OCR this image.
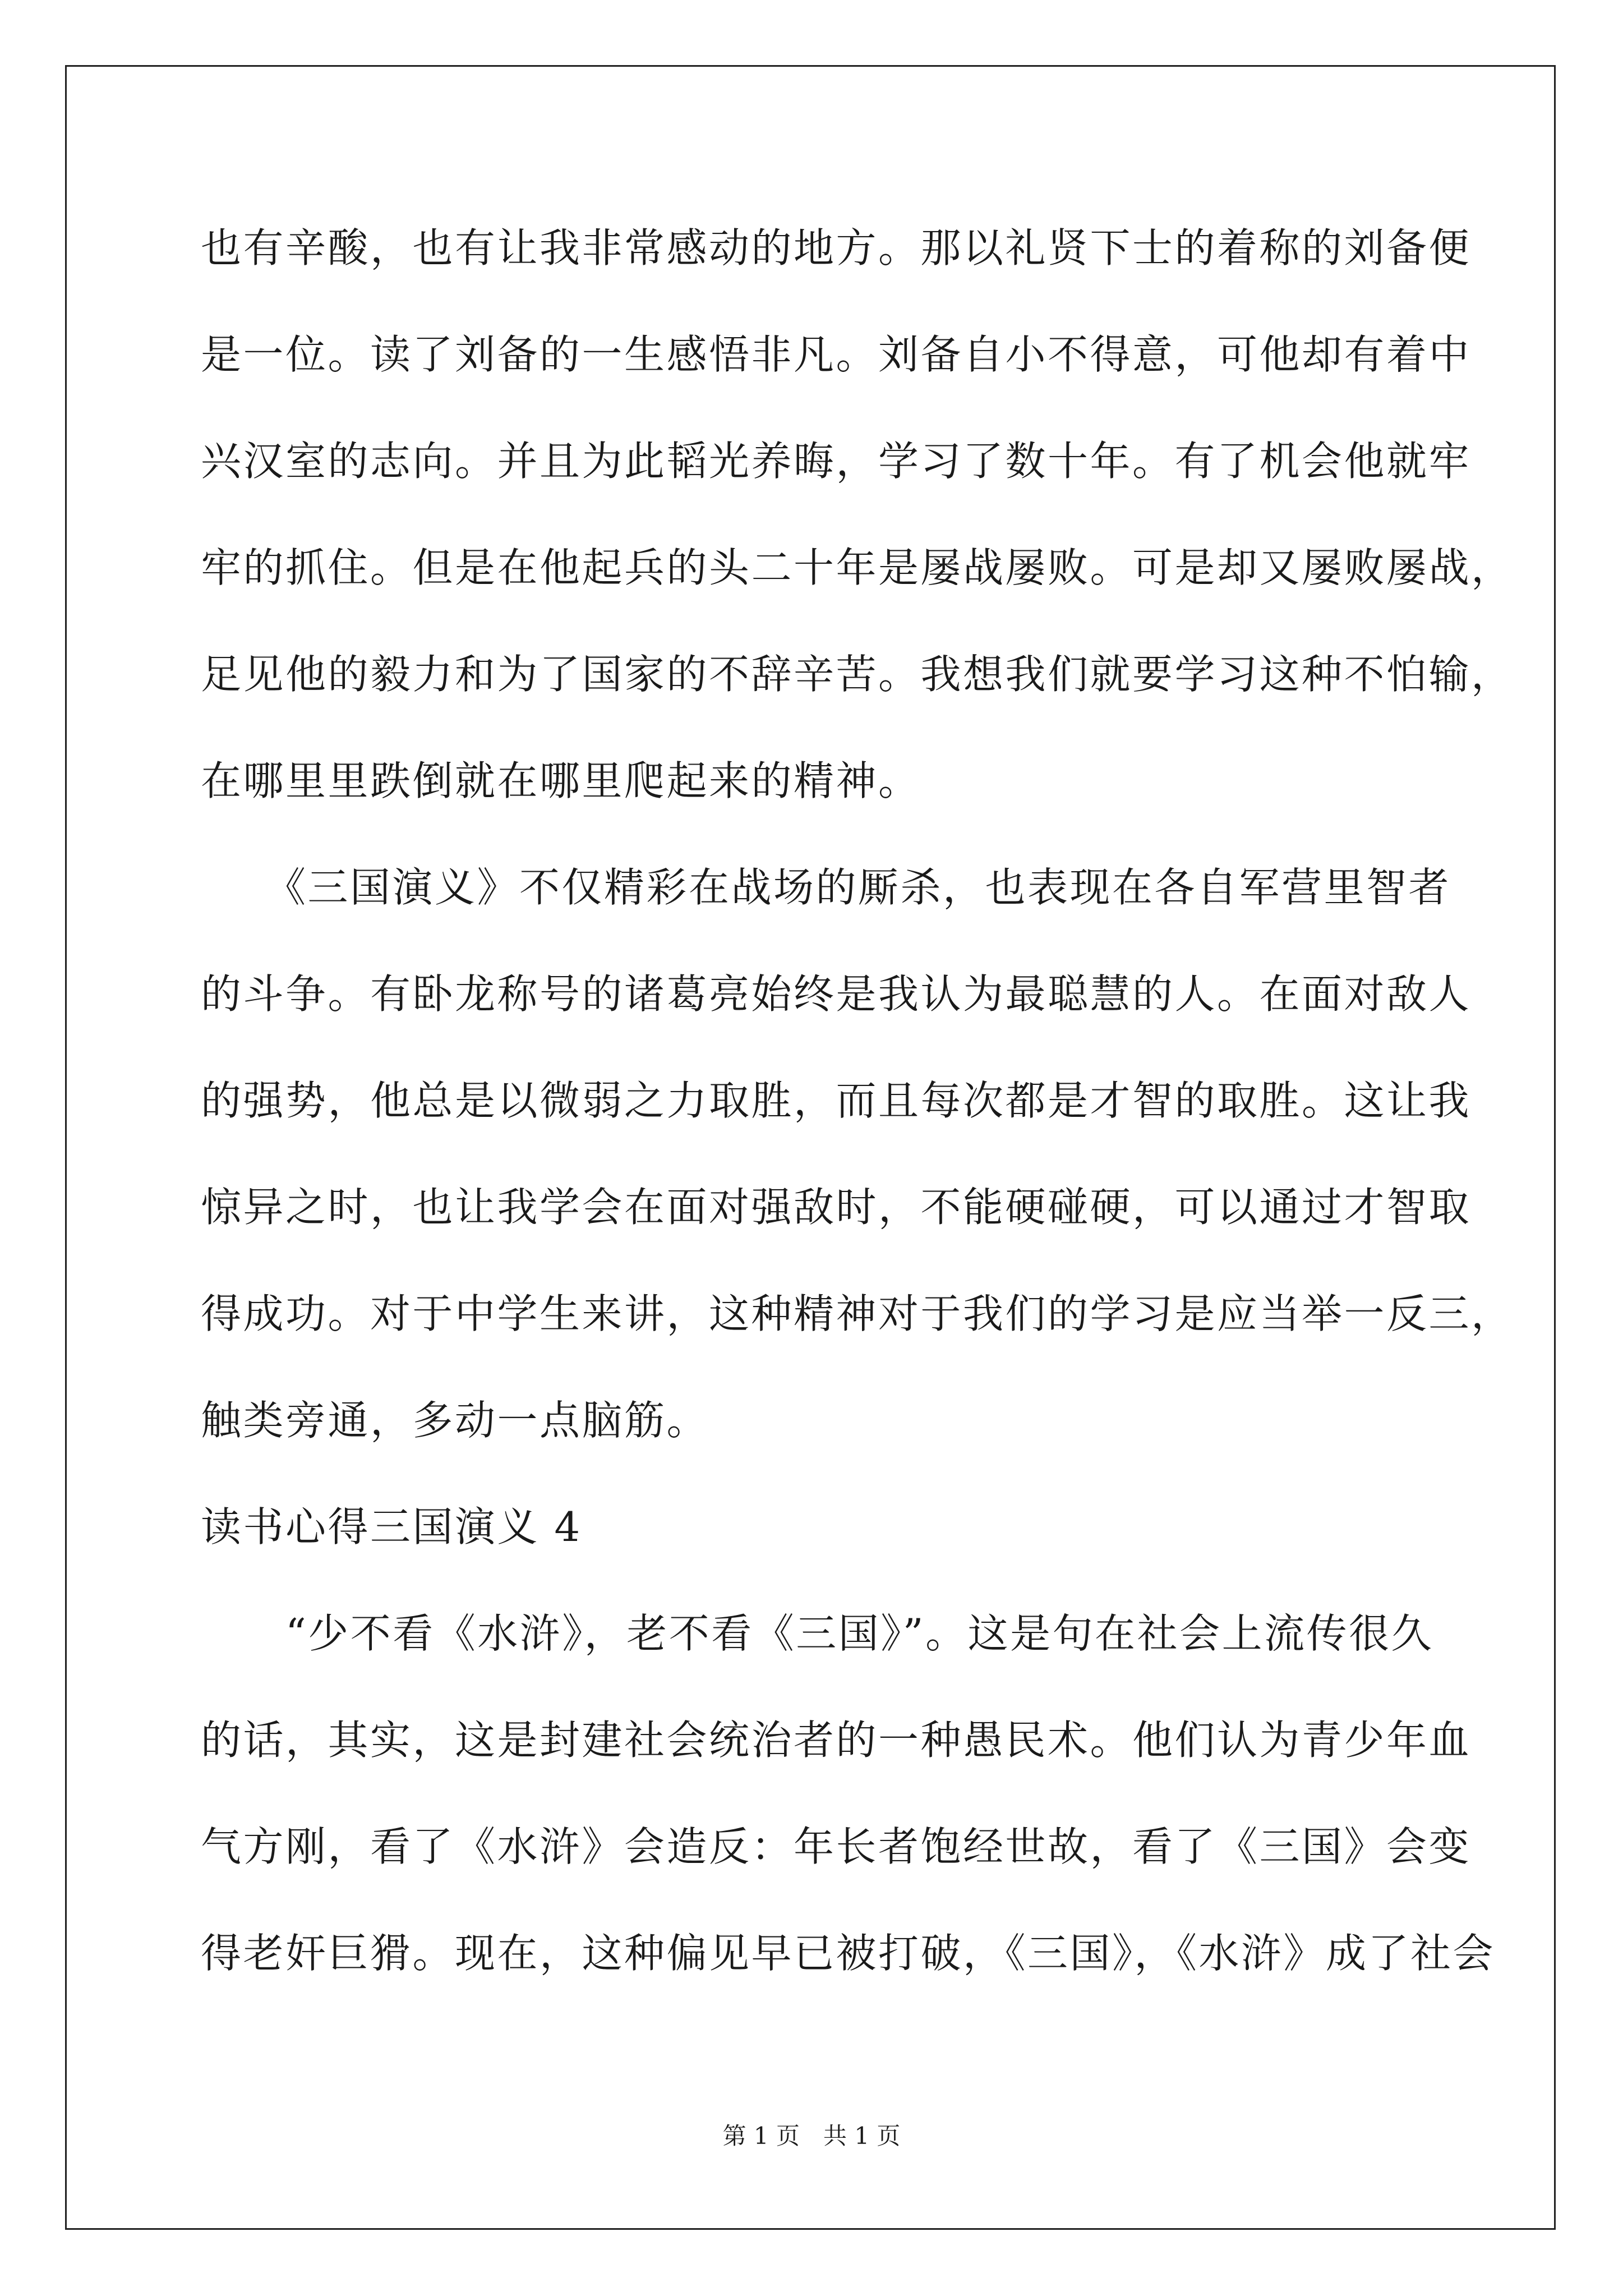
也有辛酸，也有让我非常感动的地方。那以礼贤下士的着称的刘备便
是一位。读了刘备的一生感悟非凡。刘备自小不得意，可他却有着中
兴汉室的志向。并且为此韬光养晦，学习了数十年。有了机会他就牢
牢的抓住。但是在他起兵的头二十年是屡战屡败。可是却又屡败屡战，
足见他的毅力和为了国家的不辞辛苦。我想我们就要学习这种不怕输，
在哪里里跌倒就在哪里爬起来的精神。
　　《三国演义》不仅精彩在战场的厮杀，也表现在各自军营里智者
的斗争。有卧龙称号的诸葛亮始终是我认为最聪慧的人。在面对敌人
的强势，他总是以微弱之力取胜，而且每次都是才智的取胜。这让我
惊异之时，也让我学会在面对强敌时，不能硬碰硬，可以通过才智取
得成功。对于中学生来讲，这种精神对于我们的学习是应当举一反三，
触类旁通，多动一点脑筋。
读书心得三国演义 4
　　“少不看《水浒》，老不看《三国》”。这是句在社会上流传很久
的话，其实，这是封建社会统治者的一种愚民术。他们认为青少年血
气方刚，看了《水浒》会造反：年长者饱经世故，看了《三国》会变
得老奸巨猾。现在，这种偏见早已被打破，《三国》，《水浒》成了社会
第 1 页　共 1 页
